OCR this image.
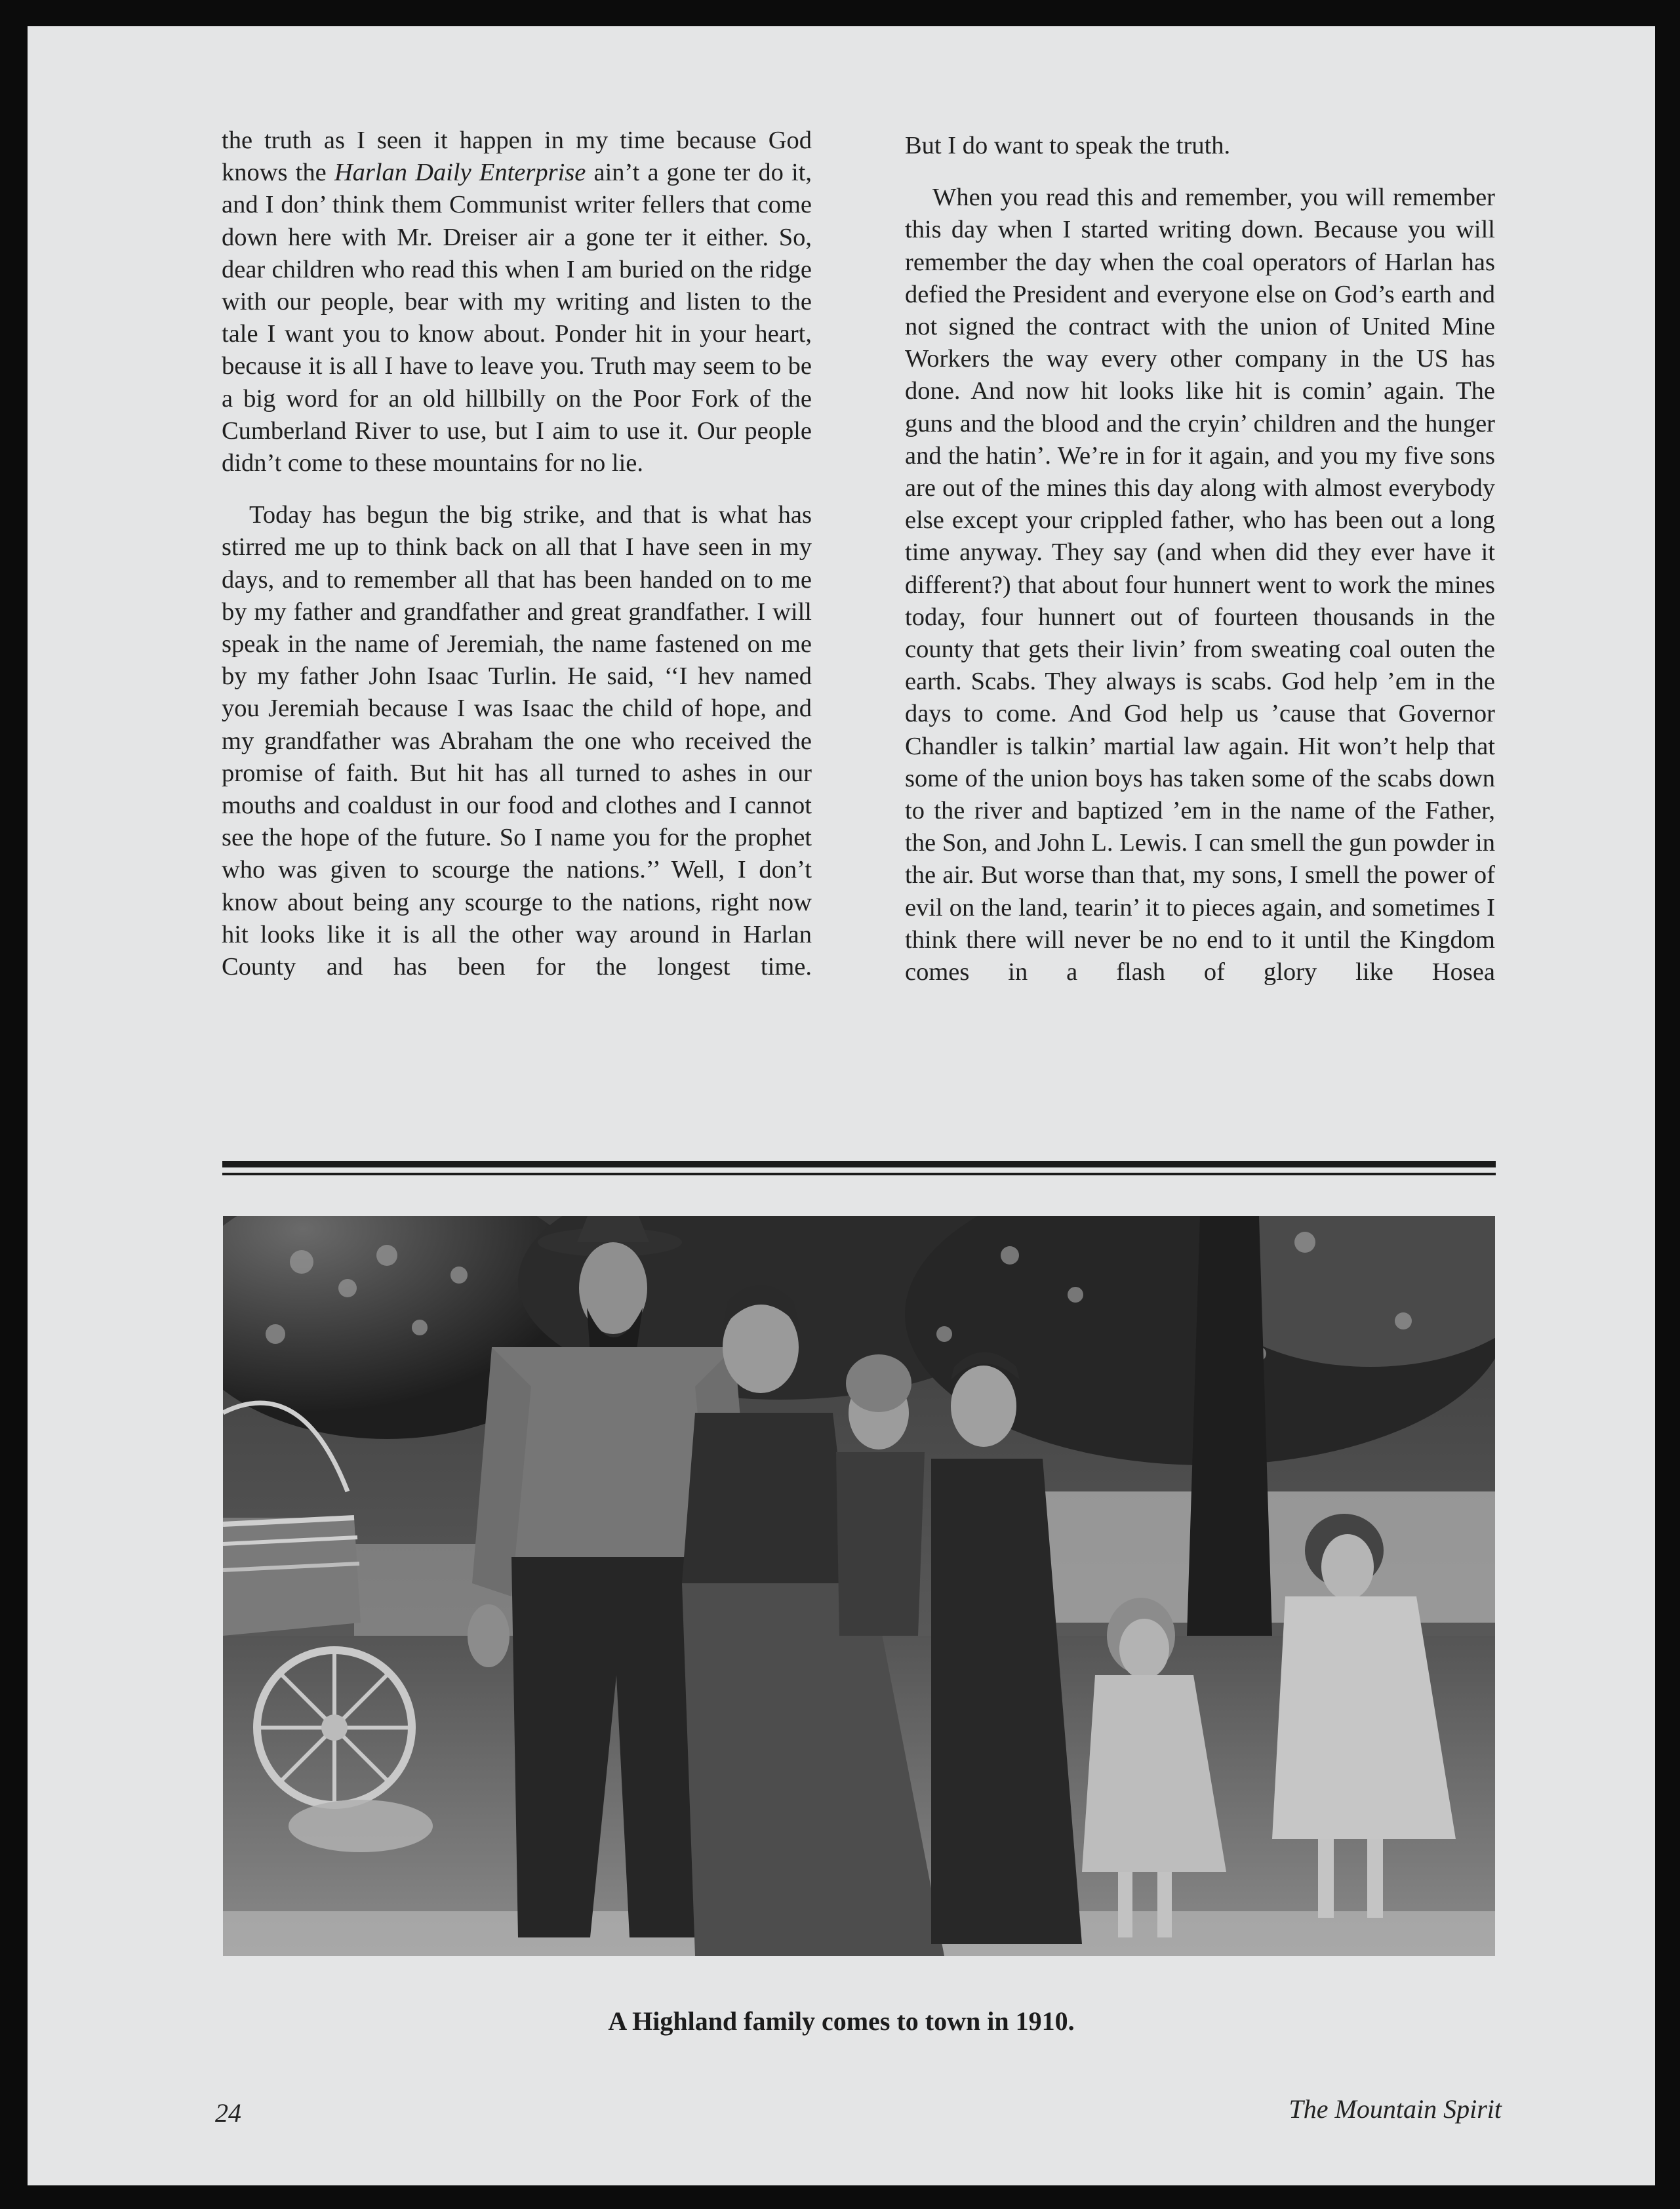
the truth as I seen it happen in my time because God knows the Harlan Daily Enterprise ain’t a gone ter do it, and I don’ think them Communist writer fellers that come down here with Mr. Dreiser air a gone ter it either. So, dear children who read this when I am buried on the ridge with our people, bear with my writing and listen to the tale I want you to know about. Ponder hit in your heart, because it is all I have to leave you. Truth may seem to be a big word for an old hillbilly on the Poor Fork of the Cumberland River to use, but I aim to use it. Our people didn’t come to these mountains for no lie.

Today has begun the big strike, and that is what has stirred me up to think back on all that I have seen in my days, and to remember all that has been handed on to me by my father and grandfather and great grandfather. I will speak in the name of Jeremiah, the name fastened on me by my father John Isaac Turlin. He said, ‘‘I hev named you Jeremiah because I was Isaac the child of hope, and my grandfather was Abraham the one who received the promise of faith. But hit has all turned to ashes in our mouths and coaldust in our food and clothes and I cannot see the hope of the future. So I name you for the prophet who was given to scourge the nations.’’ Well, I don’t know about being any scourge to the nations, right now hit looks like it is all the other way around in Harlan County and has been for the longest time.

But I do want to speak the truth.

When you read this and remember, you will remember this day when I started writing down. Because you will remember the day when the coal operators of Harlan has defied the President and everyone else on God’s earth and not signed the contract with the union of United Mine Workers the way every other company in the US has done. And now hit looks like hit is comin’ again. The guns and the blood and the cryin’ children and the hunger and the hatin’. We’re in for it again, and you my five sons are out of the mines this day along with almost everybody else except your crippled father, who has been out a long time anyway. They say (and when did they ever have it different?) that about four hunnert went to work the mines today, four hunnert out of fourteen thousands in the county that gets their livin’ from sweating coal outen the earth. Scabs. They always is scabs. God help ’em in the days to come. And God help us ’cause that Governor Chandler is talkin’ martial law again. Hit won’t help that some of the union boys has taken some of the scabs down to the river and baptized ’em in the name of the Father, the Son, and John L. Lewis. I can smell the gun powder in the air. But worse than that, my sons, I smell the power of evil on the land, tearin’ it to pieces again, and sometimes I think there will never be no end to it until the Kingdom comes in a flash of glory like Hosea

A Highland family comes to town in 1910.
24	The Mountain Spirit
